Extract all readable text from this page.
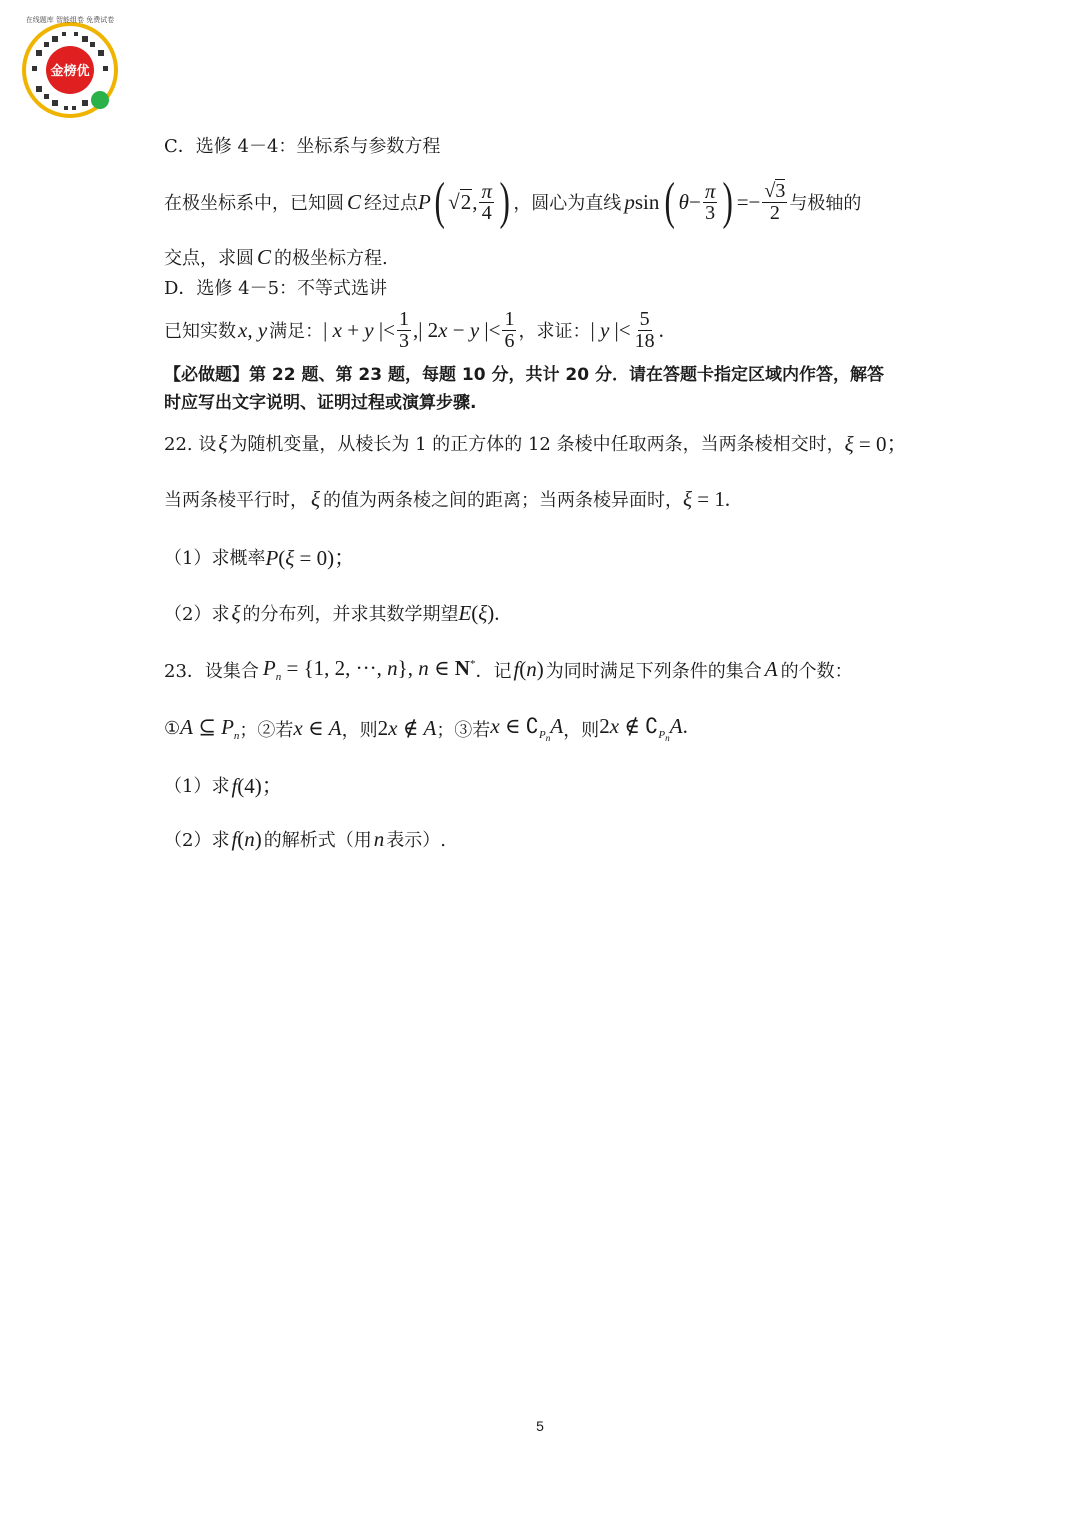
金榜优
在线题库 智能组卷 免费试卷
C．选修 4－4：坐标系与参数方程
在极坐标系中，已知圆 C 经过点 P ( √ 2 , $\frac{\pi}{4}$ ) ，圆心为直线 p sin ( $\theta - \frac{\pi}{3}$ ) =− $\frac{√3}{2}$ 与极轴的
交点，求圆 C 的极坐标方程.
D．选修 4－5：不等式选讲
已知实数 x, y 满足： | x + y |< $\frac{1}{3}$ ,| 2x − y |< $\frac{1}{6}$ ，求证： | y |< $\frac{5}{18}$ .
【必做题】第 22 题、第 23 题，每题 10 分，共计 20 分．请在答题卡指定区域内作答，解答
时应写出文字说明、证明过程或演算步骤.
22. 设 ξ 为随机变量，从棱长为 1 的正方体的 12 条棱中任取两条，当两条棱相交时， ξ = 0；
当两条棱平行时， ξ 的值为两条棱之间的距离；当两条棱异面时， ξ = 1.
（1）求概率 P(ξ = 0)；
（2）求 ξ 的分布列，并求其数学期望 E(ξ).
23．设集合 $P_n = \{1$, 2, ···, n}, n ∈ N* ．记 f(n) 为同时满足下列条件的集合 A 的个数：
① A ⊆ $P_n$ ；②若 x ∈ A ，则 2x ∉ A ；③若 x ∈ $∁_{P_n}A$ ，则 2x ∉ $∁_{P_n}A$.
（1）求 f(4)；
（2）求 f(n) 的解析式（用 n 表示）.
5
